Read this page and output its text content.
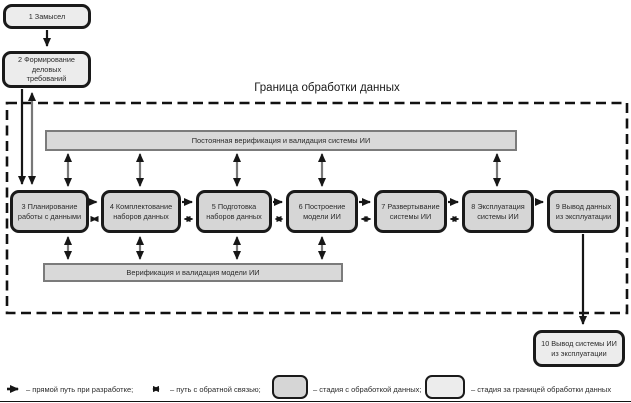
Граница обработки данных
1 Замысел
2 Формирование деловых требований
Постоянная верификация и валидация системы ИИ
Верификация и валидация модели ИИ
3 Планирование работы с данными
4 Комплектование наборов данных
5 Подготовка наборов данных
6 Построение модели ИИ
7 Развертывание системы ИИ
8 Эксплуатация системы ИИ
9 Вывод данных из эксплуатации
10 Вывод системы ИИ из эксплуатации
– прямой путь при разработке;	– путь с обратной связью;	– стадия с обработкой данных;	– стадия за границей обработки данных
